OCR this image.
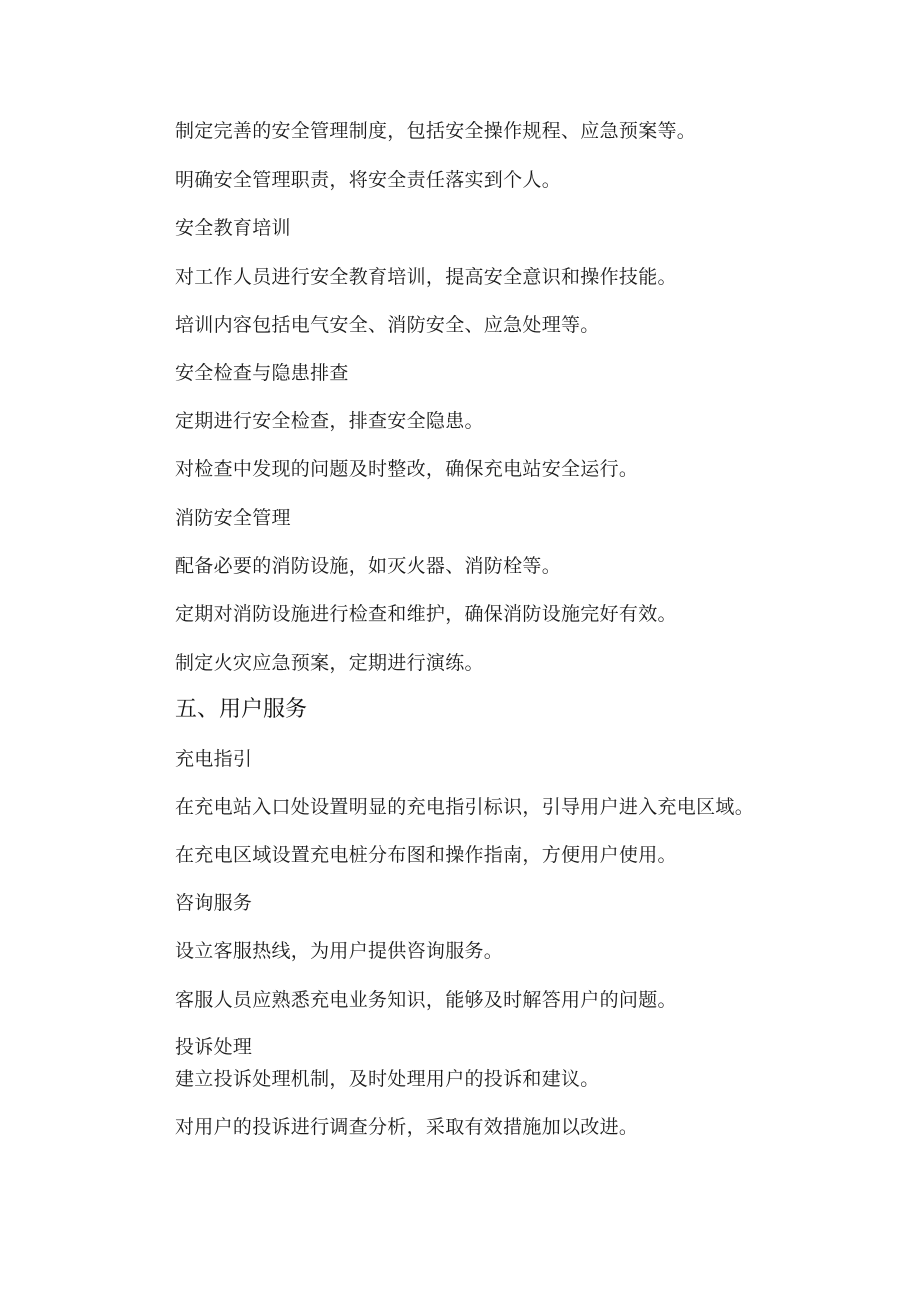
制定完善的安全管理制度，包括安全操作规程、应急预案等。
明确安全管理职责，将安全责任落实到个人。
安全教育培训
对工作人员进行安全教育培训，提高安全意识和操作技能。
培训内容包括电气安全、消防安全、应急处理等。
安全检查与隐患排查
定期进行安全检查，排查安全隐患。
对检查中发现的问题及时整改，确保充电站安全运行。
消防安全管理
配备必要的消防设施，如灭火器、消防栓等。
定期对消防设施进行检查和维护，确保消防设施完好有效。
制定火灾应急预案，定期进行演练。
五、用户服务
充电指引
在充电站入口处设置明显的充电指引标识，引导用户进入充电区域。
在充电区域设置充电桩分布图和操作指南，方便用户使用。
咨询服务
设立客服热线，为用户提供咨询服务。
客服人员应熟悉充电业务知识，能够及时解答用户的问题。
投诉处理
建立投诉处理机制，及时处理用户的投诉和建议。
对用户的投诉进行调查分析，采取有效措施加以改进。
